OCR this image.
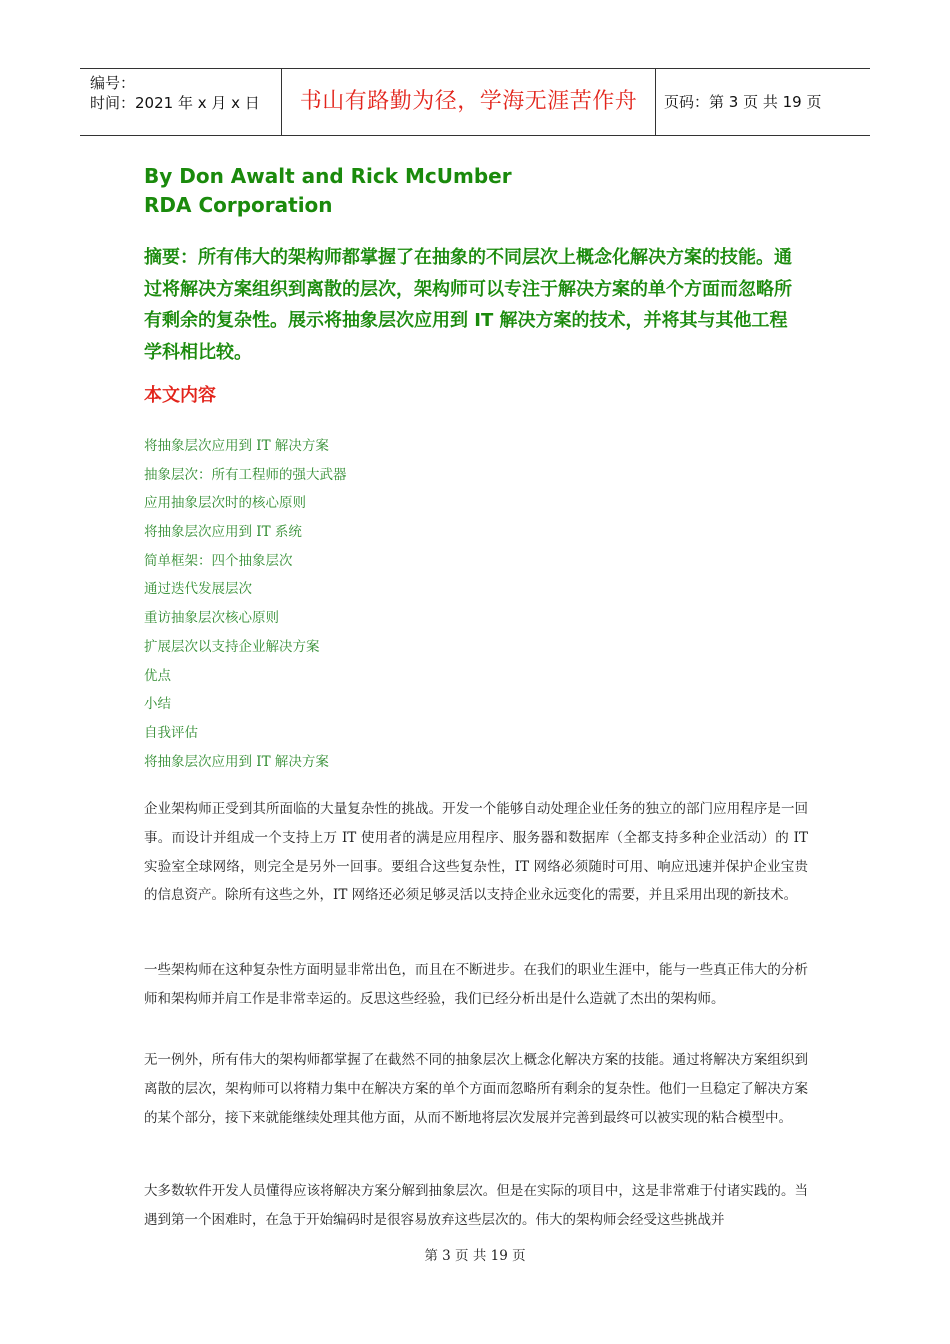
编号：
时间：2021 年 x 月 x 日	书山有路勤为径，学海无涯苦作舟	页码：第 3 页 共 19 页
By Don Awalt and Rick McUmber
RDA Corporation
摘要：所有伟大的架构师都掌握了在抽象的不同层次上概念化解决方案的技能。通过将解决方案组织到离散的层次，架构师可以专注于解决方案的单个方面而忽略所有剩余的复杂性。展示将抽象层次应用到 IT 解决方案的技术，并将其与其他工程学科相比较。
本文内容
将抽象层次应用到 IT 解决方案
抽象层次：所有工程师的强大武器
应用抽象层次时的核心原则
将抽象层次应用到 IT 系统
简单框架：四个抽象层次
通过迭代发展层次
重访抽象层次核心原则
扩展层次以支持企业解决方案
优点
小结
自我评估
将抽象层次应用到 IT 解决方案

企业架构师正受到其所面临的大量复杂性的挑战。开发一个能够自动处理企业任务的独立的部门应用程序是一回事。而设计并组成一个支持上万 IT 使用者的满是应用程序、服务器和数据库（全都支持多种企业活动）的 IT 实验室全球网络，则完全是另外一回事。要组合这些复杂性，IT 网络必须随时可用、响应迅速并保护企业宝贵的信息资产。除所有这些之外，IT 网络还必须足够灵活以支持企业永远变化的需要，并且采用出现的新技术。

一些架构师在这种复杂性方面明显非常出色，而且在不断进步。在我们的职业生涯中，能与一些真正伟大的分析师和架构师并肩工作是非常幸运的。反思这些经验，我们已经分析出是什么造就了杰出的架构师。

无一例外，所有伟大的架构师都掌握了在截然不同的抽象层次上概念化解决方案的技能。通过将解决方案组织到离散的层次，架构师可以将精力集中在解决方案的单个方面而忽略所有剩余的复杂性。他们一旦稳定了解决方案的某个部分，接下来就能继续处理其他方面，从而不断地将层次发展并完善到最终可以被实现的粘合模型中。

大多数软件开发人员懂得应该将解决方案分解到抽象层次。但是在实际的项目中，这是非常难于付诸实践的。当遇到第一个困难时，在急于开始编码时是很容易放弃这些层次的。伟大的架构师会经受这些挑战并

第 3 页 共 19 页
